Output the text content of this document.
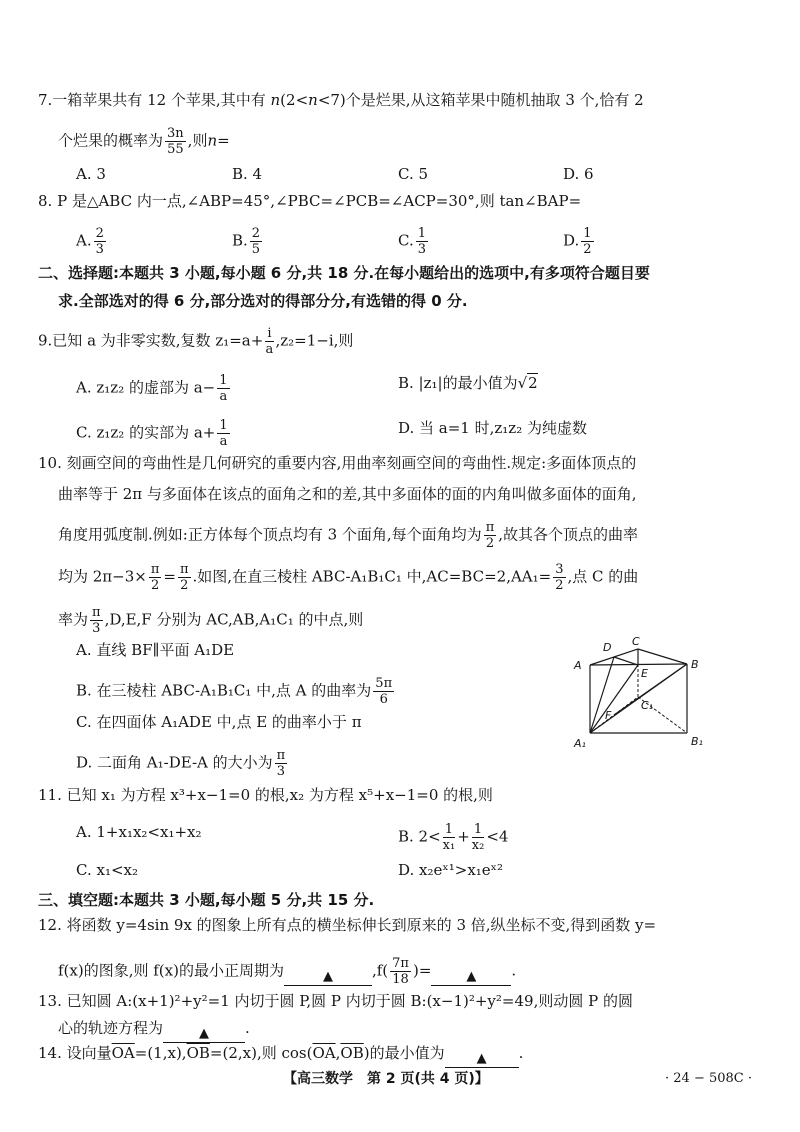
7.一箱苹果共有 12 个苹果,其中有 n(2<n<7)个是烂果,从这箱苹果中随机抽取 3 个,恰有 2
个烂果的概率为 $\frac{3n}{55}$ ,则n=
A. 3	B. 4	C. 5	D. 6
8. P 是△ABC 内一点,∠ABP=45°,∠PBC=∠PCB=∠ACP=30°,则 tan∠BAP=
A. $\frac{2}{3}$	B. $\frac{2}{5}$	C. $\frac{1}{3}$	D. $\frac{1}{2}$
二、选择题:本题共 3 小题,每小题 6 分,共 18 分.在每小题给出的选项中,有多项符合题目要
求.全部选对的得 6 分,部分选对的得部分分,有选错的得 0 分.
9.已知 a 为非零实数,复数 $z_1=a+ \frac{i}{a} ,z_2=1-i$,则
A. z₁z₂ 的虚部为 $a- \frac{1}{a}$	B. |z₁|的最小值为√2
C. z₁z₂ 的实部为 $a+ \frac{1}{a}$	D. 当 a=1 时,z₁z₂ 为纯虚数
10. 刻画空间的弯曲性是几何研究的重要内容,用曲率刻画空间的弯曲性.规定:多面体顶点的
曲率等于 2π 与多面体在该点的面角之和的差,其中多面体的面的内角叫做多面体的面角,
角度用弧度制.例如:正方体每个顶点均有 3 个面角,每个面角均为 $\frac{\pi}{2}$ ,故其各个顶点的曲率
均为 $2\pi-3\times \frac{\pi}{2} = \frac{\pi}{2}$ .如图,在直三棱柱 ABC-A₁B₁C₁ 中$,AC=BC=2,AA_1= \frac{3}{2}$ ,点 C 的曲
率为 $\frac{\pi}{3} ,D,E,F$ 分别为 AC,AB,A₁C₁ 的中点,则
A. 直线 BF∥平面 A₁DE
B. 在三棱柱 ABC-A₁B₁C₁ 中,点 A 的曲率为 $\frac{5\pi}{6}$
C. 在四面体 A₁ADE 中,点 E 的曲率小于 π
D. 二面角 A₁-DE-A 的大小为 $\frac{\pi}{3}$
A
D C
B
E
F
C₁
A₁	B₁
11. 已知 x₁ 为方程 x³+x−1=0 的根,x₂ 为方程 x⁵+x−1=0 的根,则
A. 1+x₁x₂<x₁+x₂	B. $2< \frac{1}{\text{x₁}} + \frac{1}{\text{x₂}} <4$
C. x₁<x₂	D. x₂eˣ¹>x₁eˣ²
三、填空题:本题共 3 小题,每小题 5 分,共 15 分.
12. 将函数 y=4sin 9x 的图象上所有点的横坐标伸长到原来的 3 倍,纵坐标不变,得到函数 y=
f(x)的图象,则 f(x)的最小正周期为	▲	$,f( \frac{7\pi}{18}$ )=	▲ .
13. 已知圆 A:(x+1)²+y²=1 内切于圆 P,圆 P 内切于圆 B:(x−1)²+y²=49,则动圆 P 的圆
心的轨迹方程为	▲ .
14. 设向量$\overline{OA}=(1,x),\overline{OB}=(2,x)$,则 $\cos(\overline{OA},\overline{OB})$的最小值为 ▲ .
【高三数学　第 2 页(共 4 页)】	· 24 − 508C ·
